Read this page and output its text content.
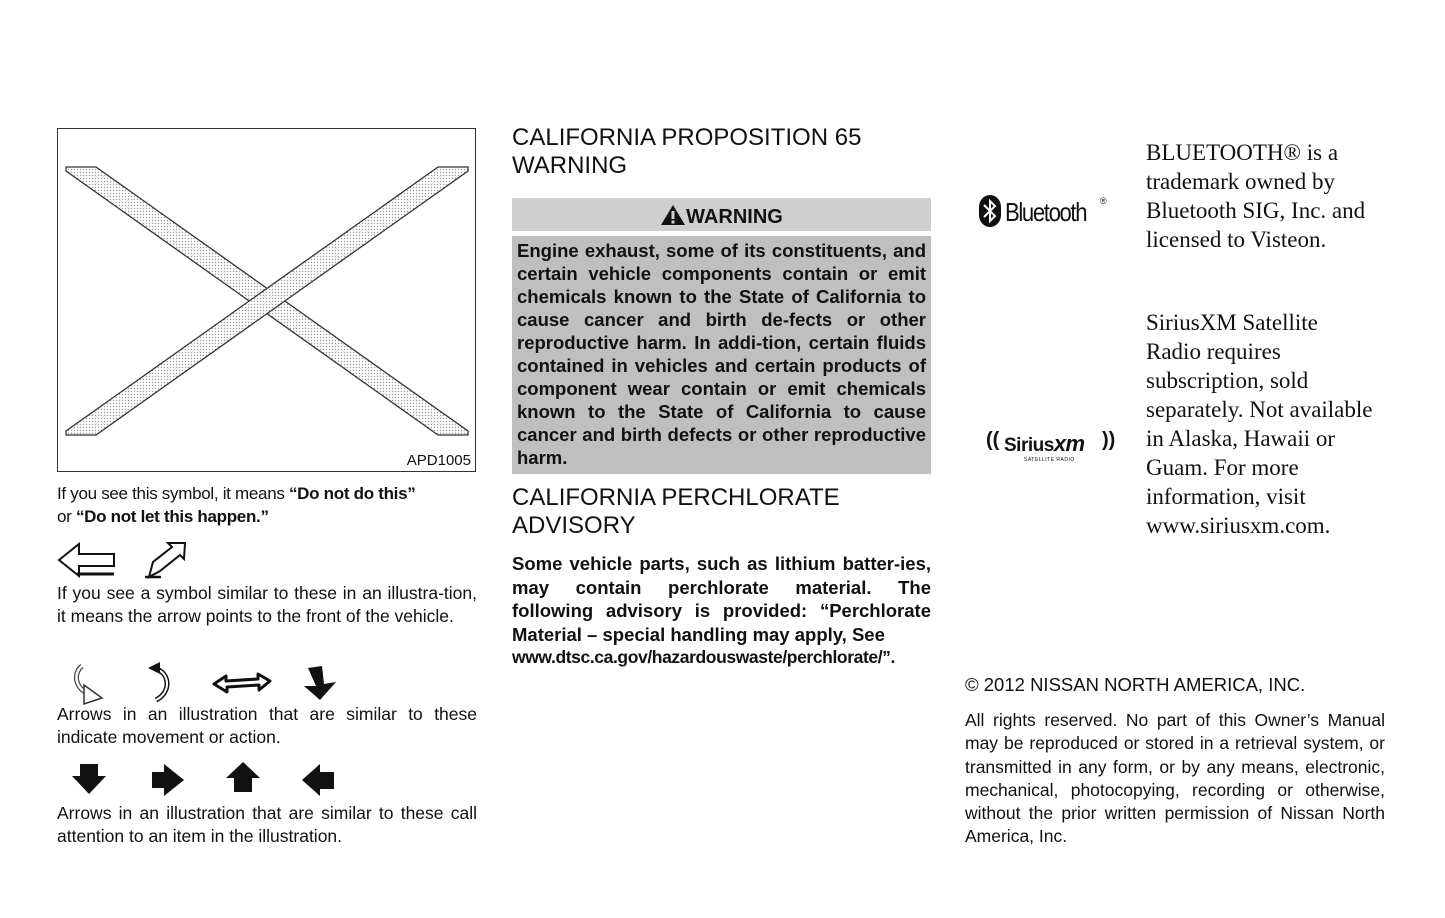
APD1005
If you see this symbol, it means “Do not do this”
or “Do not let this happen.”
If you see a symbol similar to these in an illustra-tion, it means the arrow points to the front of the vehicle.
Arrows in an illustration that are similar to these indicate movement or action.
Arrows in an illustration that are similar to these call attention to an item in the illustration.
CALIFORNIA PROPOSITION 65
WARNING
WARNING
Engine exhaust, some of its constituents, and certain vehicle components contain or emit chemicals known to the State of California to cause cancer and birth de-fects or other reproductive harm. In addi-tion, certain fluids contained in vehicles and certain products of component wear contain or emit chemicals known to the State of California to cause cancer and birth defects or other reproductive harm.
CALIFORNIA PERCHLORATE
ADVISORY
Some vehicle parts, such as lithium batter-ies, may contain perchlorate material. The following advisory is provided: “Perchlorate Material – special handling may apply, See
www.dtsc.ca.gov/hazardouswaste/perchlorate/”.
Bluetooth ®
BLUETOOTH® is a trademark owned by Bluetooth SIG, Inc. and licensed to Visteon.
(( Siriusxm ))
SATELLITE RADIO
SiriusXM Satellite Radio requires subscription, sold separately. Not available in Alaska, Hawaii or Guam. For more information, visit www.siriusxm.com.
© 2012 NISSAN NORTH AMERICA, INC.
All rights reserved. No part of this Owner’s Manual may be reproduced or stored in a retrieval system, or transmitted in any form, or by any means, electronic, mechanical, photocopying, recording or otherwise, without the prior written permission of Nissan North America, Inc.
